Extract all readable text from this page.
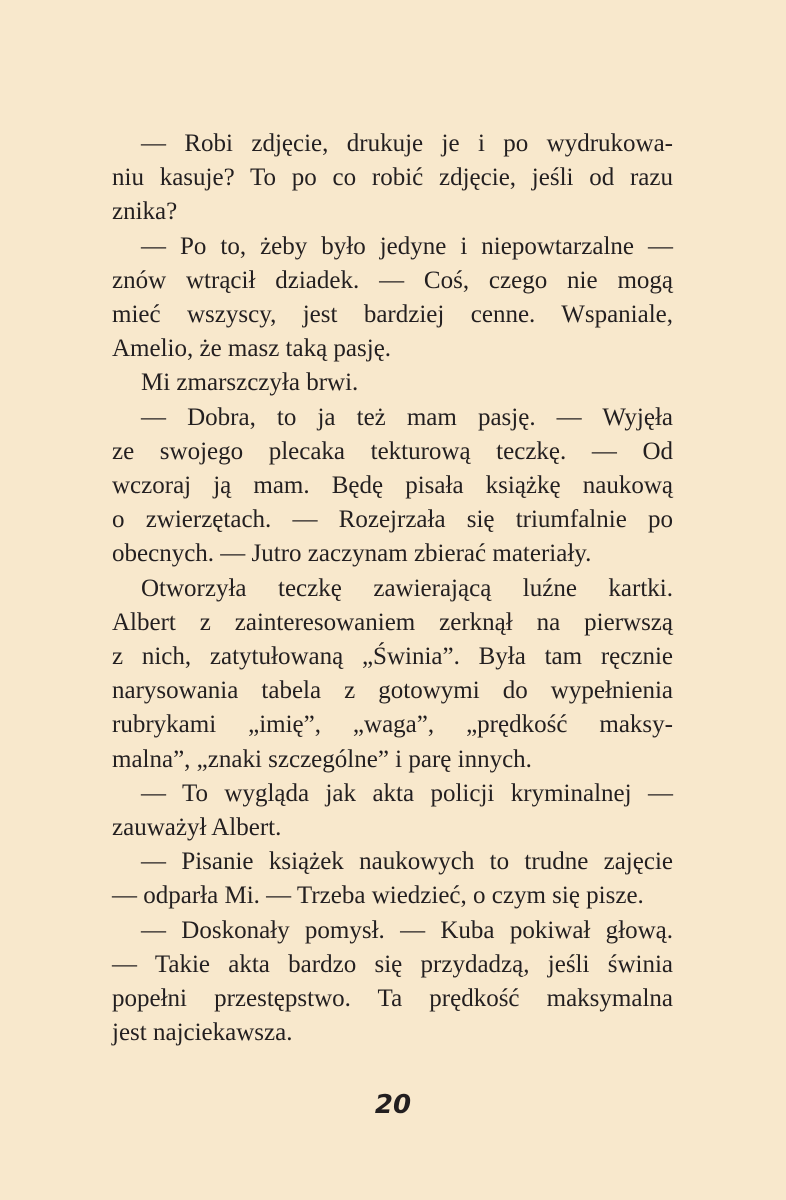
— Robi zdjęcie, drukuje je i po wydrukowa-
niu kasuje? To po co robić zdjęcie, jeśli od razu
znika?
— Po to, żeby było jedyne i niepowtarzalne —
znów wtrącił dziadek. — Coś, czego nie mogą
mieć wszyscy, jest bardziej cenne. Wspaniale,
Amelio, że masz taką pasję.
Mi zmarszczyła brwi.
— Dobra, to ja też mam pasję. — Wyjęła
ze swojego plecaka tekturową teczkę. — Od
wczoraj ją mam. Będę pisała książkę naukową
o zwierzętach. — Rozejrzała się triumfalnie po
obecnych. — Jutro zaczynam zbierać materiały.
Otworzyła teczkę zawierającą luźne kartki.
Albert z zainteresowaniem zerknął na pierwszą
z nich, zatytułowaną „Świnia”. Była tam ręcznie
narysowania tabela z gotowymi do wypełnienia
rubrykami „imię”, „waga”, „prędkość maksy-
malna”, „znaki szczególne” i parę innych.
— To wygląda jak akta policji kryminalnej —
zauważył Albert.
— Pisanie książek naukowych to trudne zajęcie
— odparła Mi. — Trzeba wiedzieć, o czym się pisze.
— Doskonały pomysł. — Kuba pokiwał głową.
— Takie akta bardzo się przydadzą, jeśli świnia
popełni przestępstwo. Ta prędkość maksymalna
jest najciekawsza.
20
